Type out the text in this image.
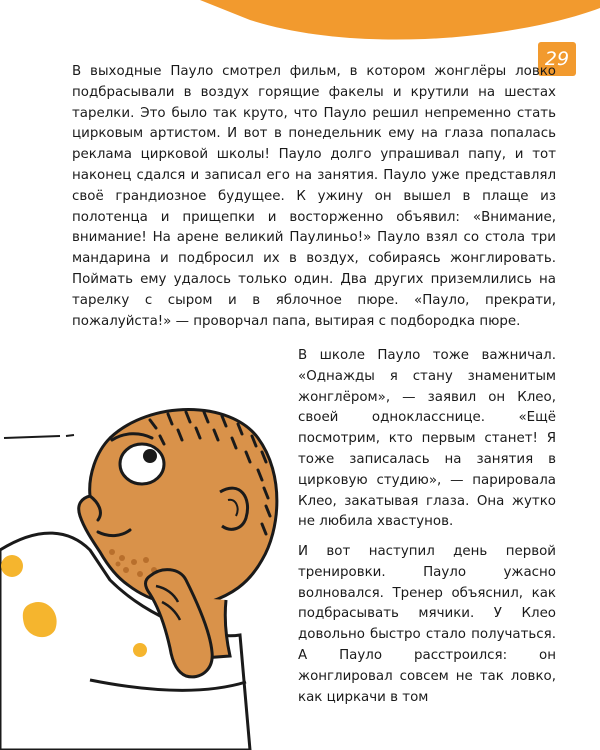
29

В выходные Пауло смотрел фильм, в котором жонглёры ловко подбрасывали в воздух горящие факелы и крутили на шестах тарелки. Это было так круто, что Пауло решил непременно стать цирковым артистом. И вот в понедельник ему на глаза попалась реклама цирковой школы! Пауло долго упрашивал папу, и тот наконец сдался и записал его на занятия. Пауло уже представлял своё грандиозное будущее. К ужину он вышел в плаще из полотенца и прищепки и восторженно объявил: «Внимание, внимание! На арене великий Паулиньо!» Пауло взял со стола три мандарина и подбросил их в воздух, собираясь жонглировать. Поймать ему удалось только один. Два других приземлились на тарелку с сыром и в яблочное пюре. «Пауло, прекрати, пожалуйста!» — проворчал папа, вытирая с подбородка пюре.

В школе Пауло тоже важничал. «Однажды я стану знаменитым жонглёром», — заявил он Клео, своей однокласснице. «Ещё посмотрим, кто первым станет! Я тоже записалась на занятия в цирковую студию», — парировала Клео, закатывая глаза. Она жутко не любила хвастунов.

И вот наступил день первой тренировки. Пауло ужасно волновался. Тренер объяснил, как подбрасывать мячики. У Клео довольно быстро стало получаться. А Пауло расстроился: он жонглировал совсем не так ловко, как циркачи в том
